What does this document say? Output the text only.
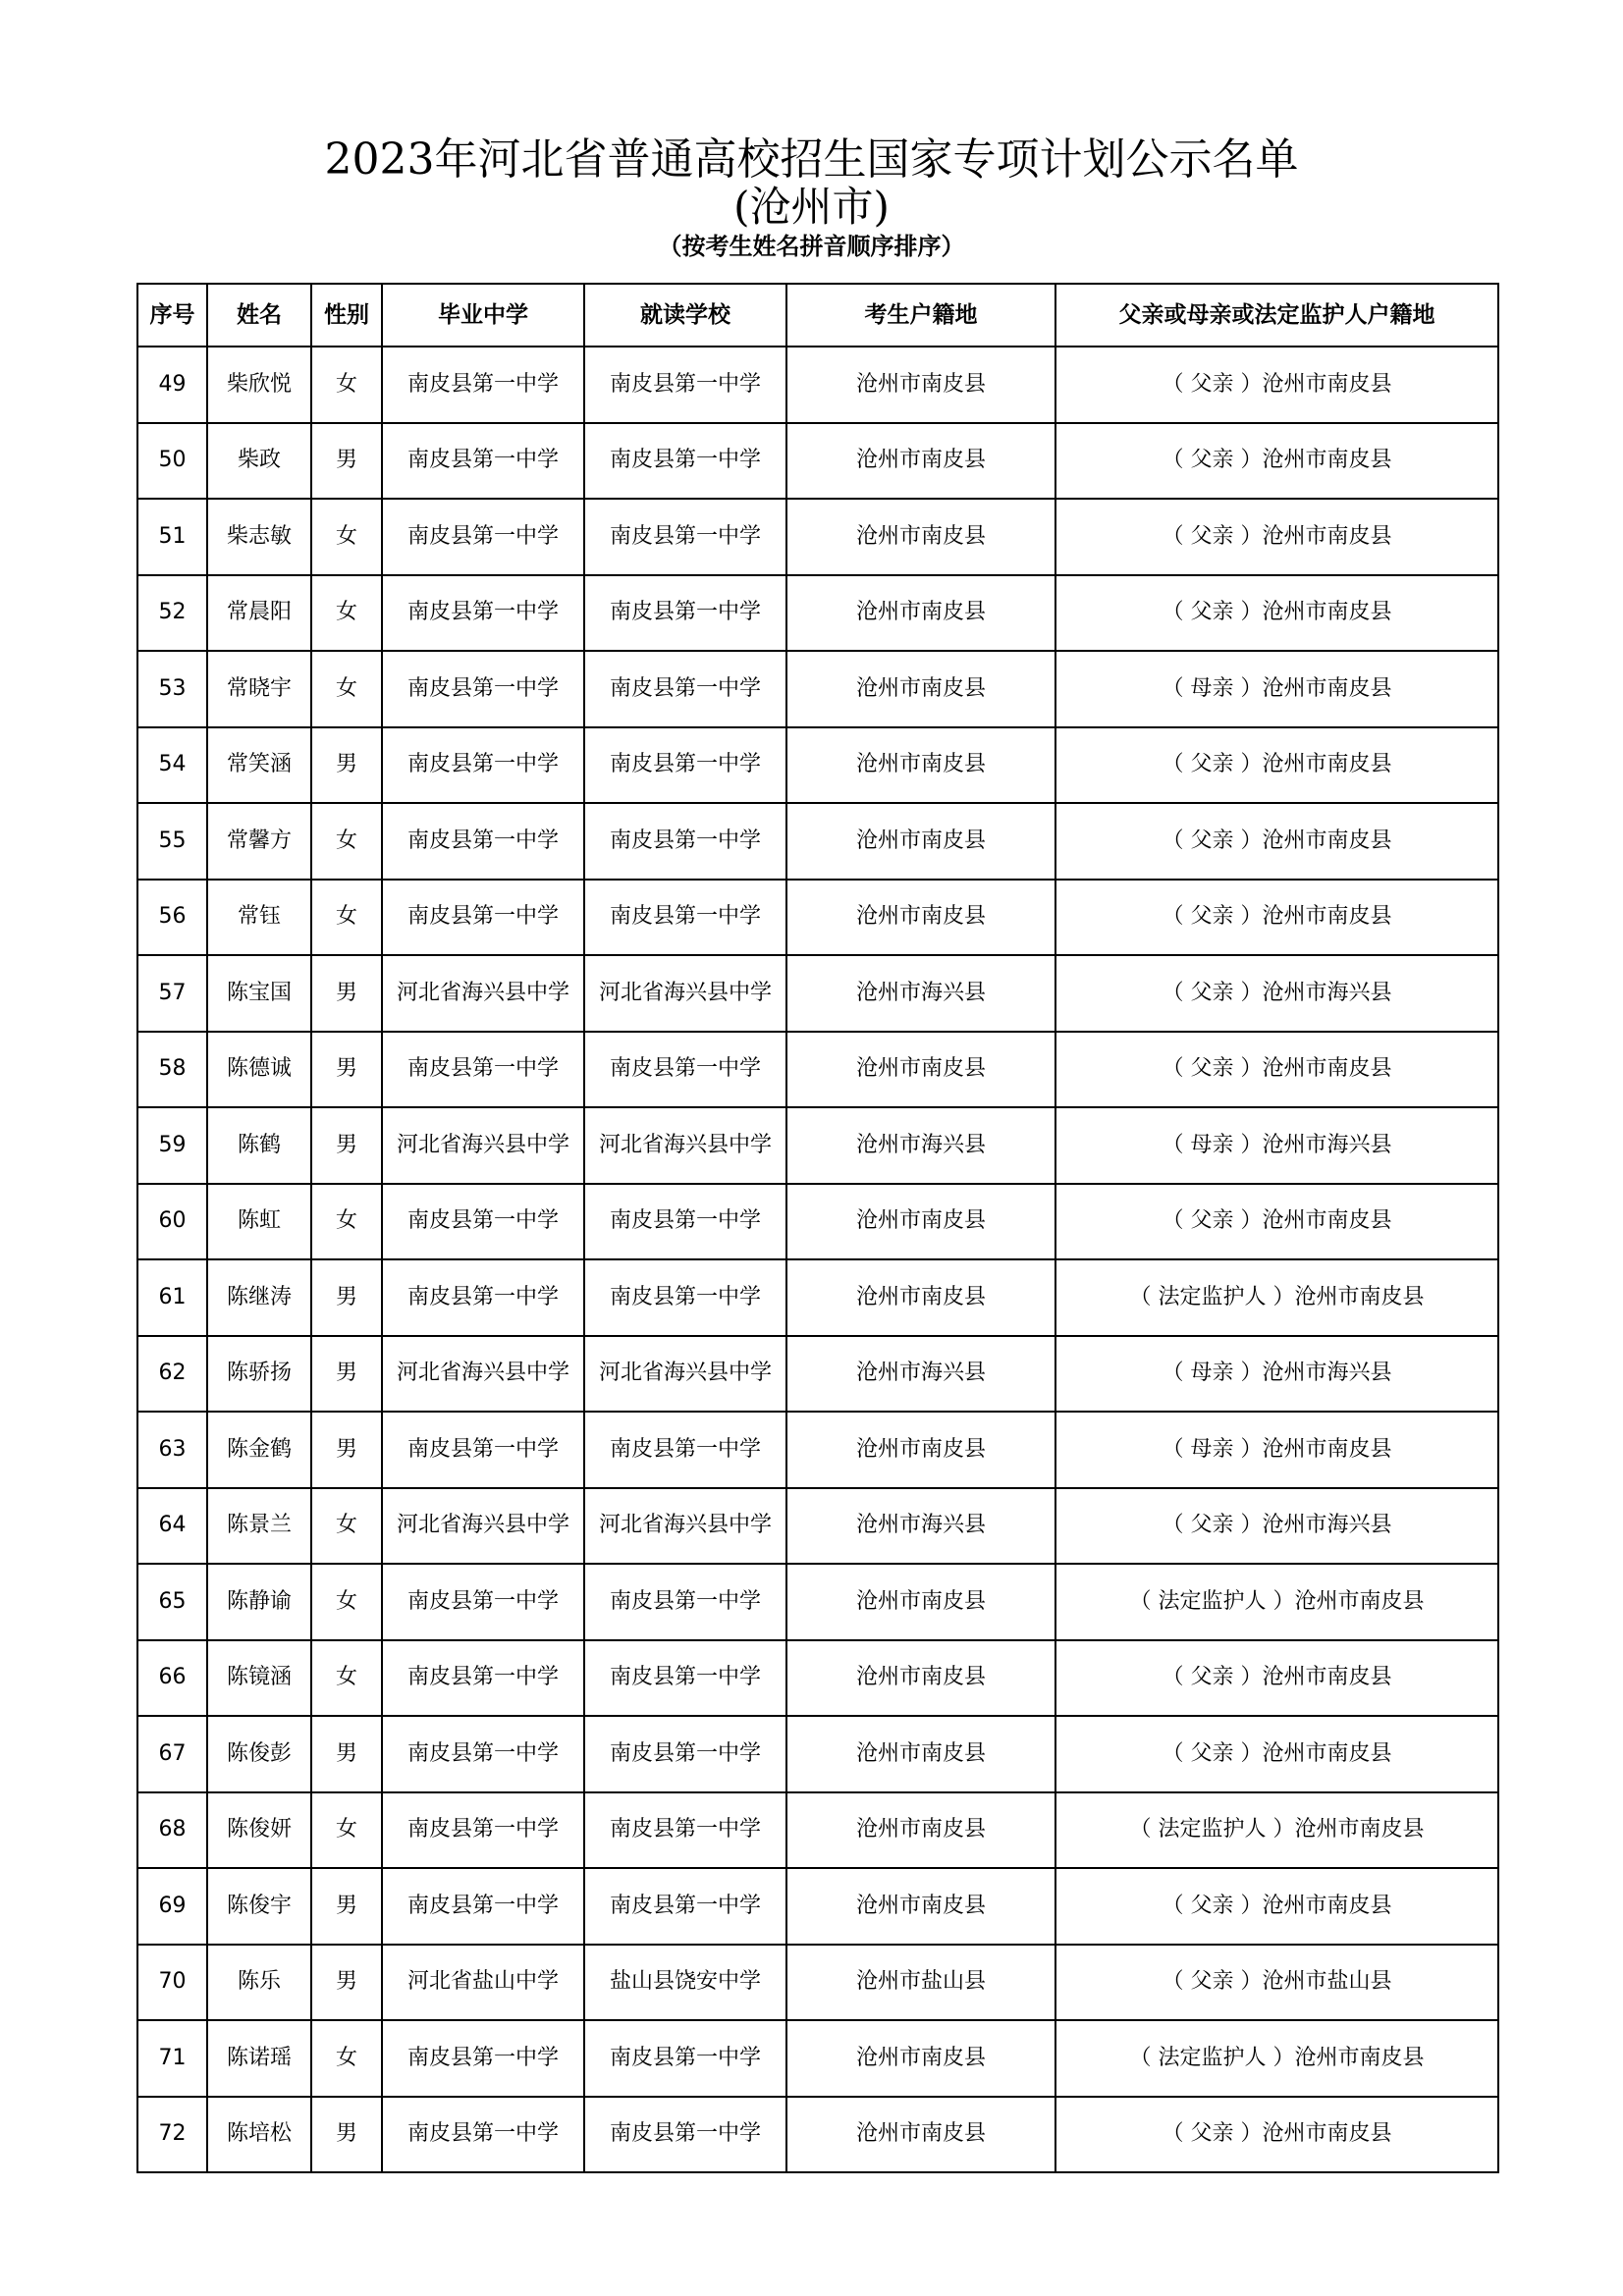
2023年河北省普通高校招生国家专项计划公示名单
(沧州市)
（按考生姓名拼音顺序排序）
序号	姓名	性别	毕业中学	就读学校	考生户籍地	父亲或母亲或法定监护人户籍地
49	柴欣悦	女	南皮县第一中学	南皮县第一中学	沧州市南皮县	（ 父亲 ）沧州市南皮县
50	柴政	男	南皮县第一中学	南皮县第一中学	沧州市南皮县	（ 父亲 ）沧州市南皮县
51	柴志敏	女	南皮县第一中学	南皮县第一中学	沧州市南皮县	（ 父亲 ）沧州市南皮县
52	常晨阳	女	南皮县第一中学	南皮县第一中学	沧州市南皮县	（ 父亲 ）沧州市南皮县
53	常晓宇	女	南皮县第一中学	南皮县第一中学	沧州市南皮县	（ 母亲 ）沧州市南皮县
54	常笑涵	男	南皮县第一中学	南皮县第一中学	沧州市南皮县	（ 父亲 ）沧州市南皮县
55	常馨方	女	南皮县第一中学	南皮县第一中学	沧州市南皮县	（ 父亲 ）沧州市南皮县
56	常钰	女	南皮县第一中学	南皮县第一中学	沧州市南皮县	（ 父亲 ）沧州市南皮县
57	陈宝国	男	河北省海兴县中学	河北省海兴县中学	沧州市海兴县	（ 父亲 ）沧州市海兴县
58	陈德诚	男	南皮县第一中学	南皮县第一中学	沧州市南皮县	（ 父亲 ）沧州市南皮县
59	陈鹤	男	河北省海兴县中学	河北省海兴县中学	沧州市海兴县	（ 母亲 ）沧州市海兴县
60	陈虹	女	南皮县第一中学	南皮县第一中学	沧州市南皮县	（ 父亲 ）沧州市南皮县
61	陈继涛	男	南皮县第一中学	南皮县第一中学	沧州市南皮县	（ 法定监护人 ）沧州市南皮县
62	陈骄扬	男	河北省海兴县中学	河北省海兴县中学	沧州市海兴县	（ 母亲 ）沧州市海兴县
63	陈金鹤	男	南皮县第一中学	南皮县第一中学	沧州市南皮县	（ 母亲 ）沧州市南皮县
64	陈景兰	女	河北省海兴县中学	河北省海兴县中学	沧州市海兴县	（ 父亲 ）沧州市海兴县
65	陈静谕	女	南皮县第一中学	南皮县第一中学	沧州市南皮县	（ 法定监护人 ）沧州市南皮县
66	陈镜涵	女	南皮县第一中学	南皮县第一中学	沧州市南皮县	（ 父亲 ）沧州市南皮县
67	陈俊彭	男	南皮县第一中学	南皮县第一中学	沧州市南皮县	（ 父亲 ）沧州市南皮县
68	陈俊妍	女	南皮县第一中学	南皮县第一中学	沧州市南皮县	（ 法定监护人 ）沧州市南皮县
69	陈俊宇	男	南皮县第一中学	南皮县第一中学	沧州市南皮县	（ 父亲 ）沧州市南皮县
70	陈乐	男	河北省盐山中学	盐山县饶安中学	沧州市盐山县	（ 父亲 ）沧州市盐山县
71	陈诺瑶	女	南皮县第一中学	南皮县第一中学	沧州市南皮县	（ 法定监护人 ）沧州市南皮县
72	陈培松	男	南皮县第一中学	南皮县第一中学	沧州市南皮县	（ 父亲 ）沧州市南皮县
